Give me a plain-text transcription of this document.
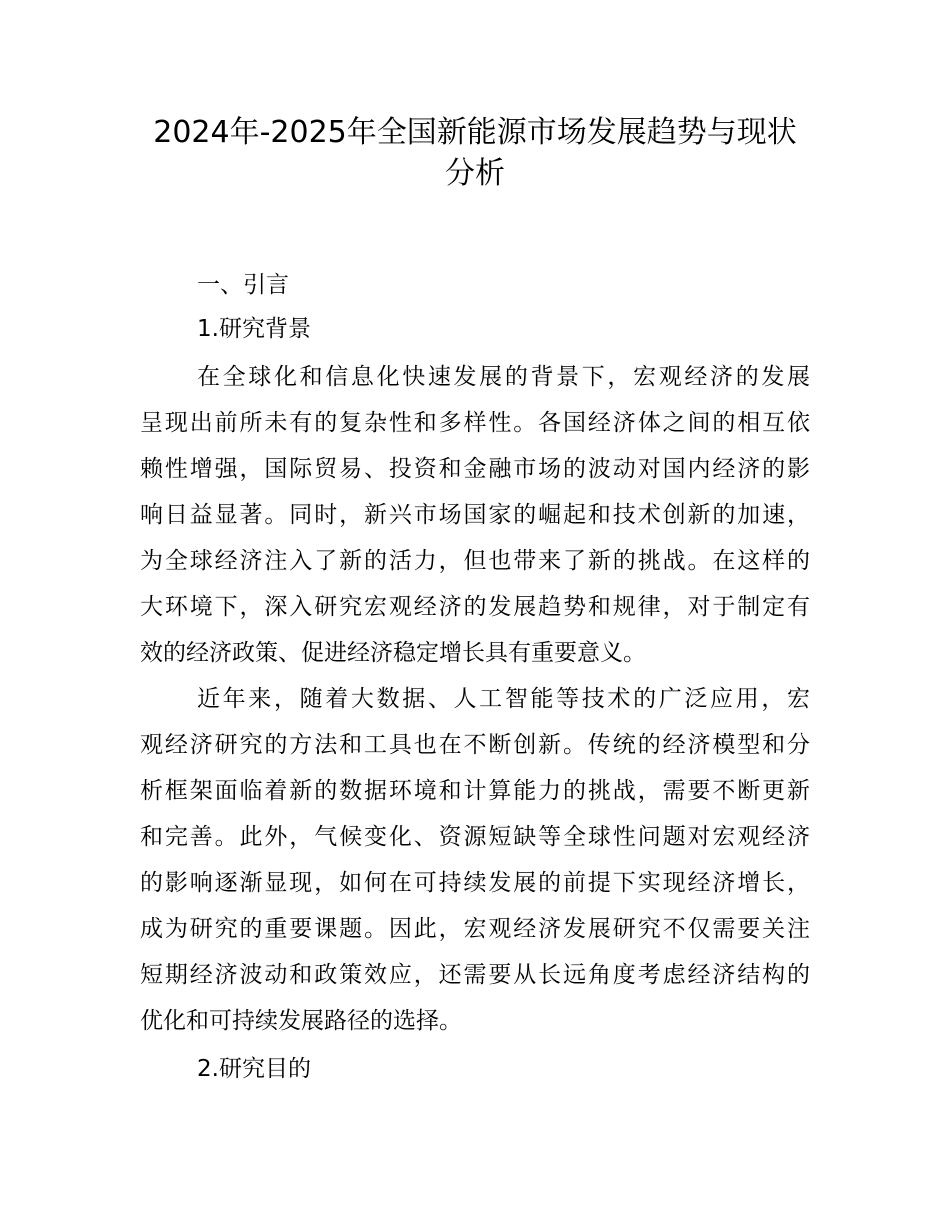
2024年-2025年全国新能源市场发展趋势与现状
分析
一、引言
1.研究背景
在全球化和信息化快速发展的背景下，宏观经济的发展
呈现出前所未有的复杂性和多样性。各国经济体之间的相互依
赖性增强，国际贸易、投资和金融市场的波动对国内经济的影
响日益显著。同时，新兴市场国家的崛起和技术创新的加速，
为全球经济注入了新的活力，但也带来了新的挑战。在这样的
大环境下，深入研究宏观经济的发展趋势和规律，对于制定有
效的经济政策、促进经济稳定增长具有重要意义。
近年来，随着大数据、人工智能等技术的广泛应用，宏
观经济研究的方法和工具也在不断创新。传统的经济模型和分
析框架面临着新的数据环境和计算能力的挑战，需要不断更新
和完善。此外，气候变化、资源短缺等全球性问题对宏观经济
的影响逐渐显现，如何在可持续发展的前提下实现经济增长，
成为研究的重要课题。因此，宏观经济发展研究不仅需要关注
短期经济波动和政策效应，还需要从长远角度考虑经济结构的
优化和可持续发展路径的选择。
2.研究目的
